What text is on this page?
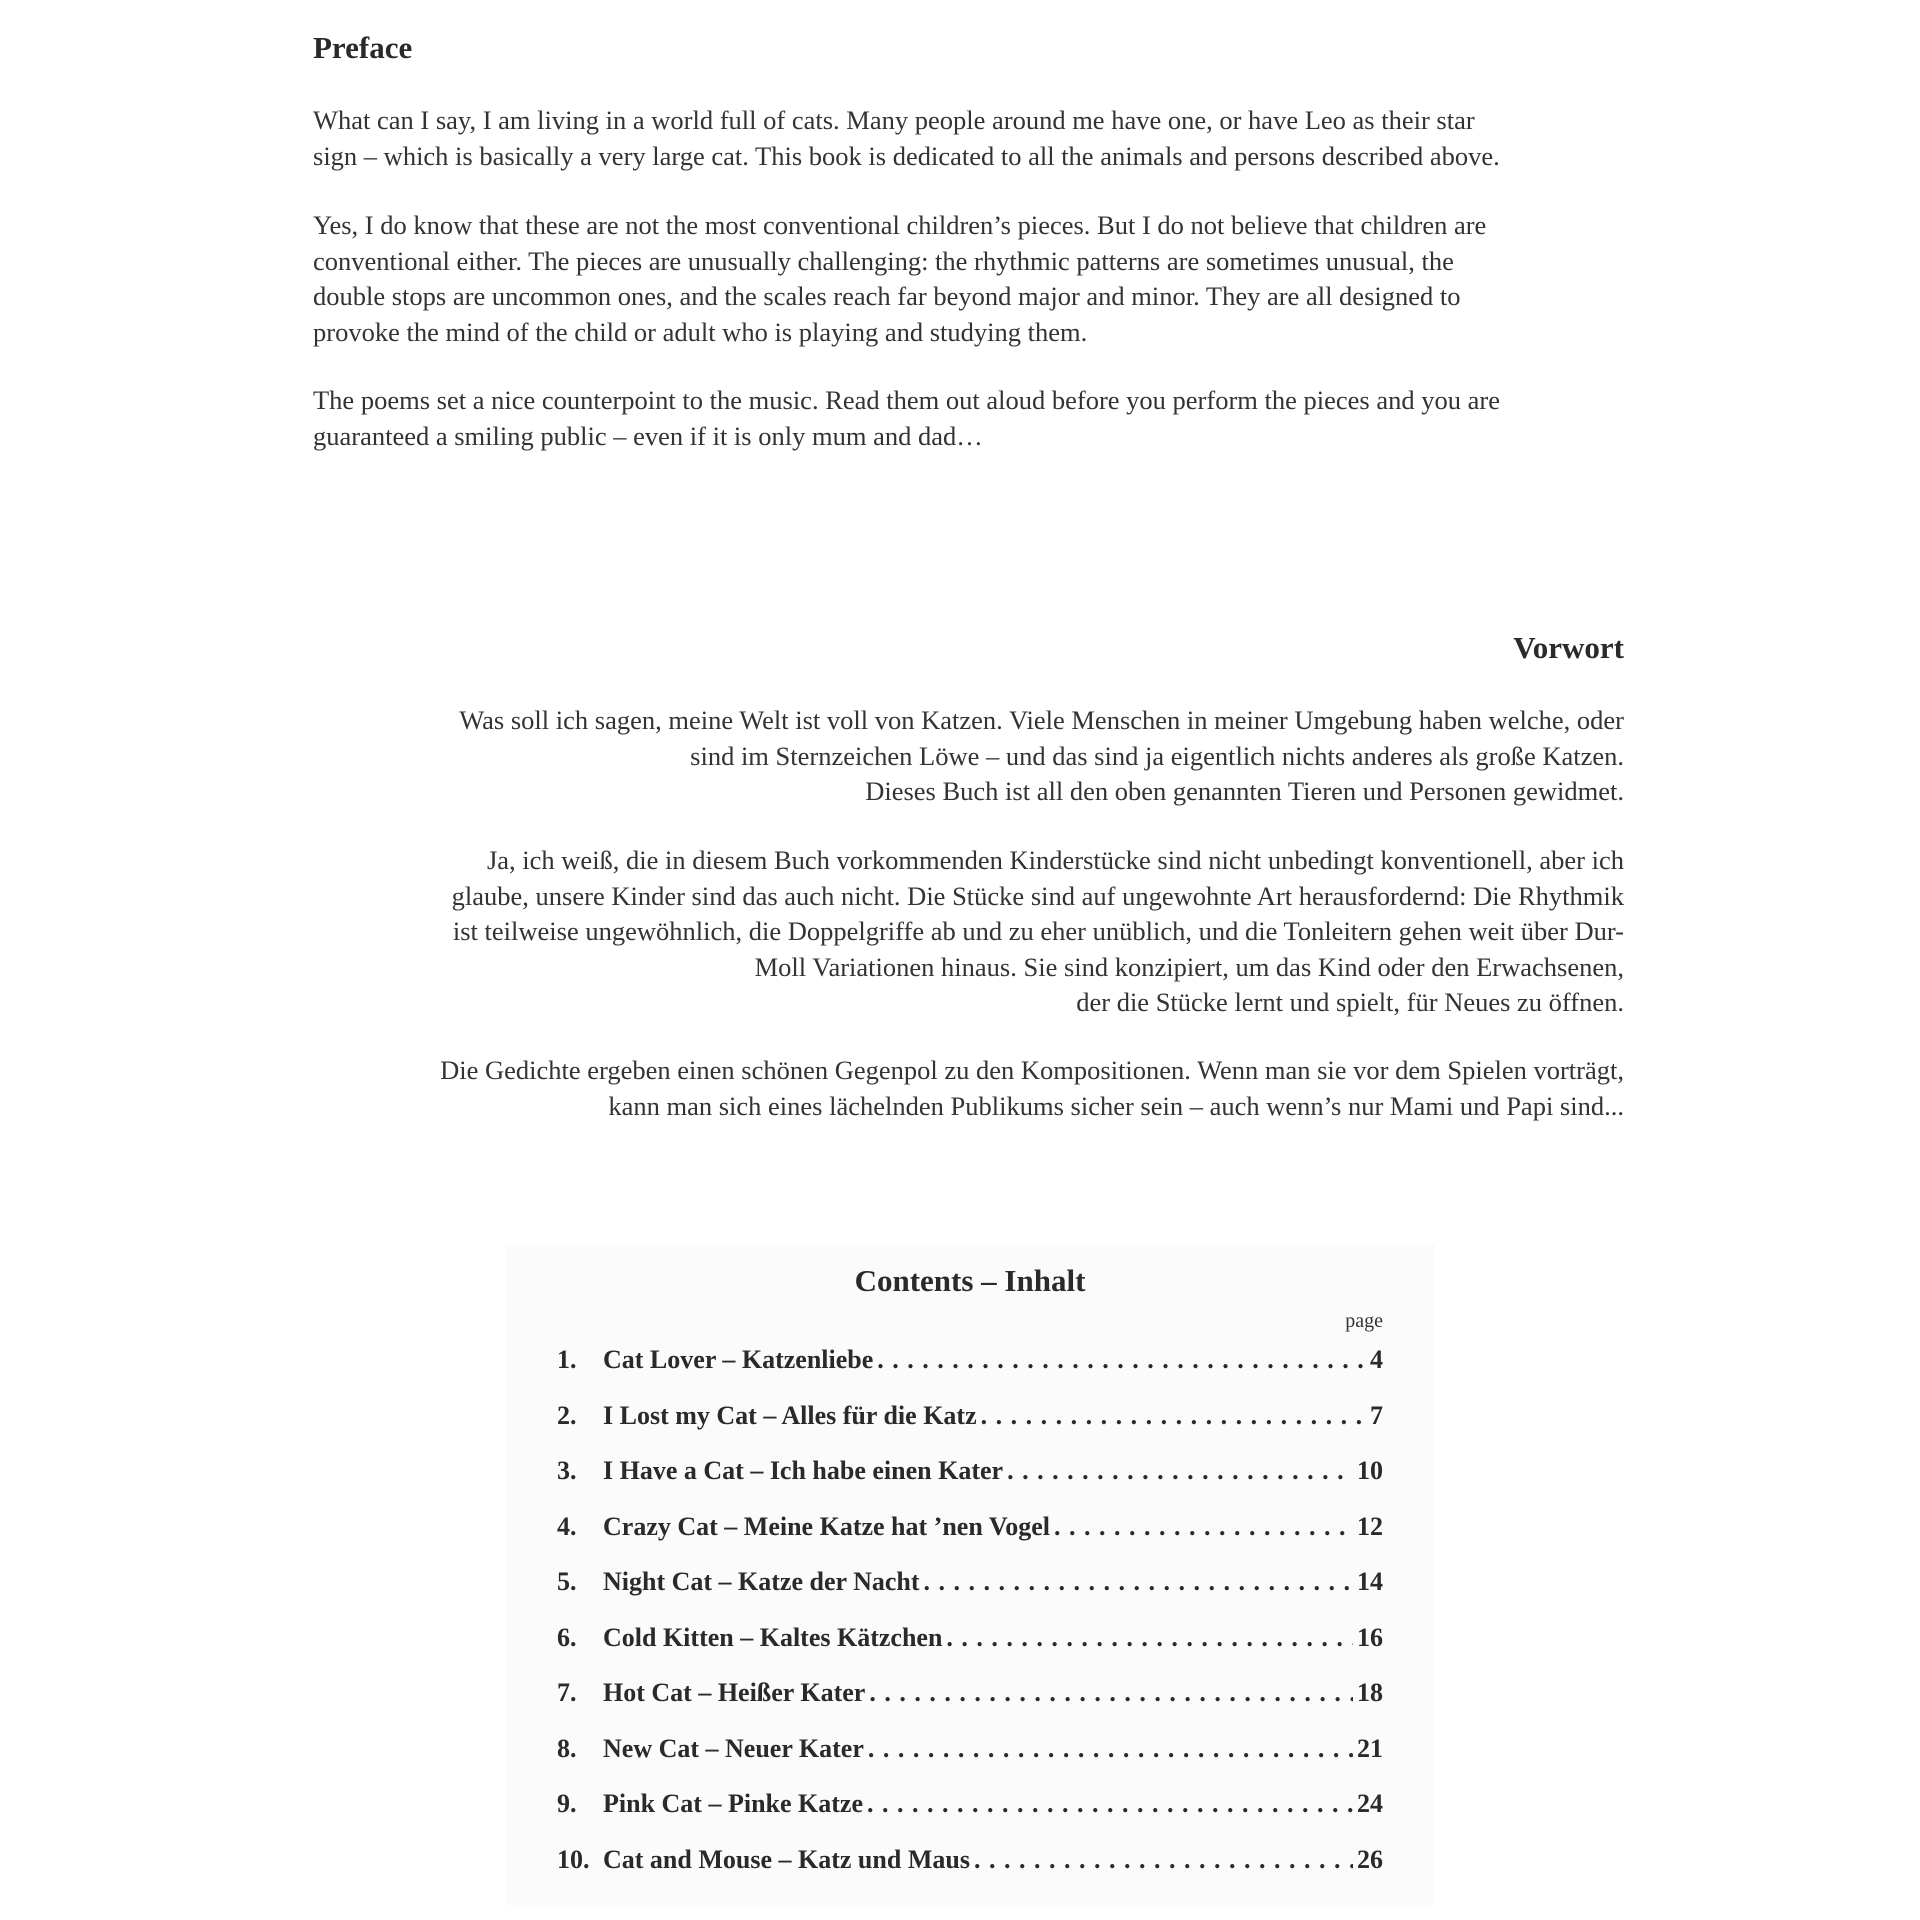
Preface

What can I say, I am living in a world full of cats. Many people around me have one, or have Leo as their star
sign – which is basically a very large cat. This book is dedicated to all the animals and persons described above.

Yes, I do know that these are not the most conventional children’s pieces. But I do not believe that children are
conventional either. The pieces are unusually challenging: the rhythmic patterns are sometimes unusual, the
double stops are uncommon ones, and the scales reach far beyond major and minor. They are all designed to
provoke the mind of the child or adult who is playing and studying them.

The poems set a nice counterpoint to the music. Read them out aloud before you perform the pieces and you are
guaranteed a smiling public – even if it is only mum and dad…

Vorwort

Was soll ich sagen, meine Welt ist voll von Katzen. Viele Menschen in meiner Umgebung haben welche, oder
sind im Sternzeichen Löwe – und das sind ja eigentlich nichts anderes als große Katzen.
Dieses Buch ist all den oben genannten Tieren und Personen gewidmet.

Ja, ich weiß, die in diesem Buch vorkommenden Kinderstücke sind nicht unbedingt konventionell, aber ich
glaube, unsere Kinder sind das auch nicht. Die Stücke sind auf ungewohnte Art herausfordernd: Die Rhythmik
ist teilweise ungewöhnlich, die Doppelgriffe ab und zu eher unüblich, und die Tonleitern gehen weit über Dur-
Moll Variationen hinaus. Sie sind konzipiert, um das Kind oder den Erwachsenen,
der die Stücke lernt und spielt, für Neues zu öffnen.

Die Gedichte ergeben einen schönen Gegenpol zu den Kompositionen. Wenn man sie vor dem Spielen vorträgt,
kann man sich eines lächelnden Publikums sicher sein – auch wenn’s nur Mami und Papi sind...

Contents – Inhalt
page
1.	Cat Lover – Katzenliebe . . .	4
2.	I Lost my Cat – Alles für die Katz . . .	7
3.	I Have a Cat – Ich habe einen Kater . . .	10
4.	Crazy Cat – Meine Katze hat ’nen Vogel . . .	12
5.	Night Cat – Katze der Nacht . . .	14
6.	Cold Kitten – Kaltes Kätzchen . . .	16
7.	Hot Cat – Heißer Kater . . .	18
8.	New Cat – Neuer Kater . . .	21
9.	Pink Cat – Pinke Katze . . .	24
10. Cat and Mouse – Katz und Maus . . .	26
